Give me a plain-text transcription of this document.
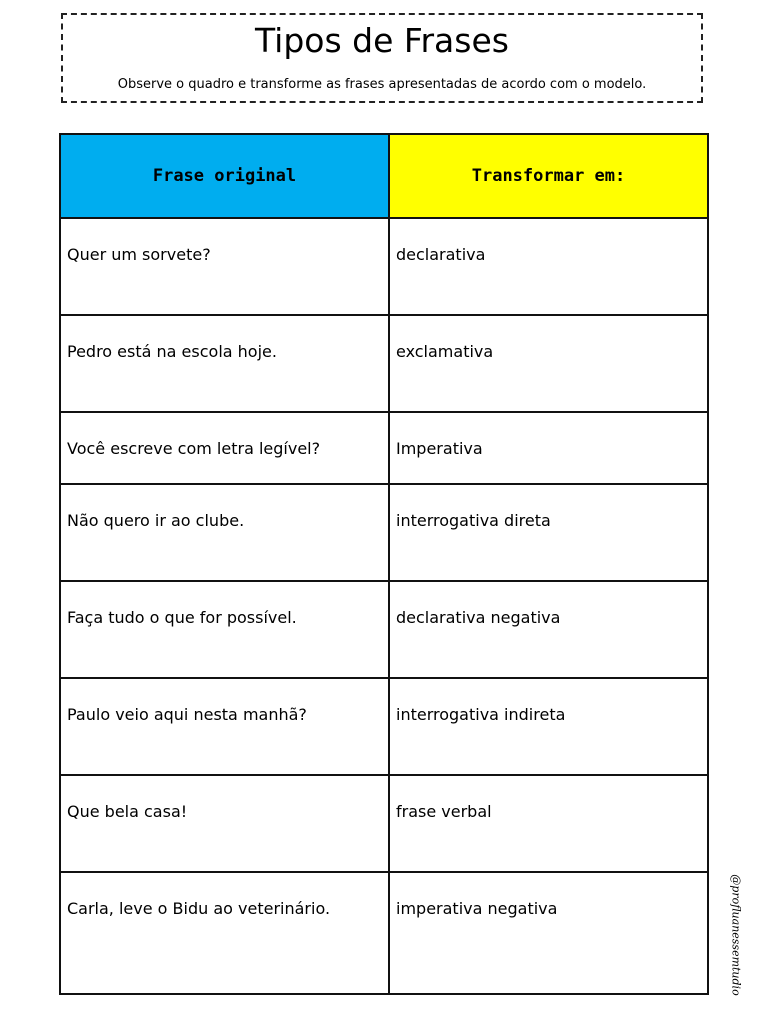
Tipos de Frases
Observe o quadro e transforme as frases apresentadas de acordo com o modelo.
Frase original	Transformar em:
Quer um sorvete?	declarativa
Pedro está na escola hoje.	exclamativa
Você escreve com letra legível?	Imperativa
Não quero ir ao clube.	interrogativa direta
Faça tudo o que for possível.	declarativa negativa
Paulo veio aqui nesta manhã?	interrogativa indireta
Que bela casa!	frase verbal
Carla, leve o Bidu ao veterinário.	imperativa negativa	@profluanessemtudio
